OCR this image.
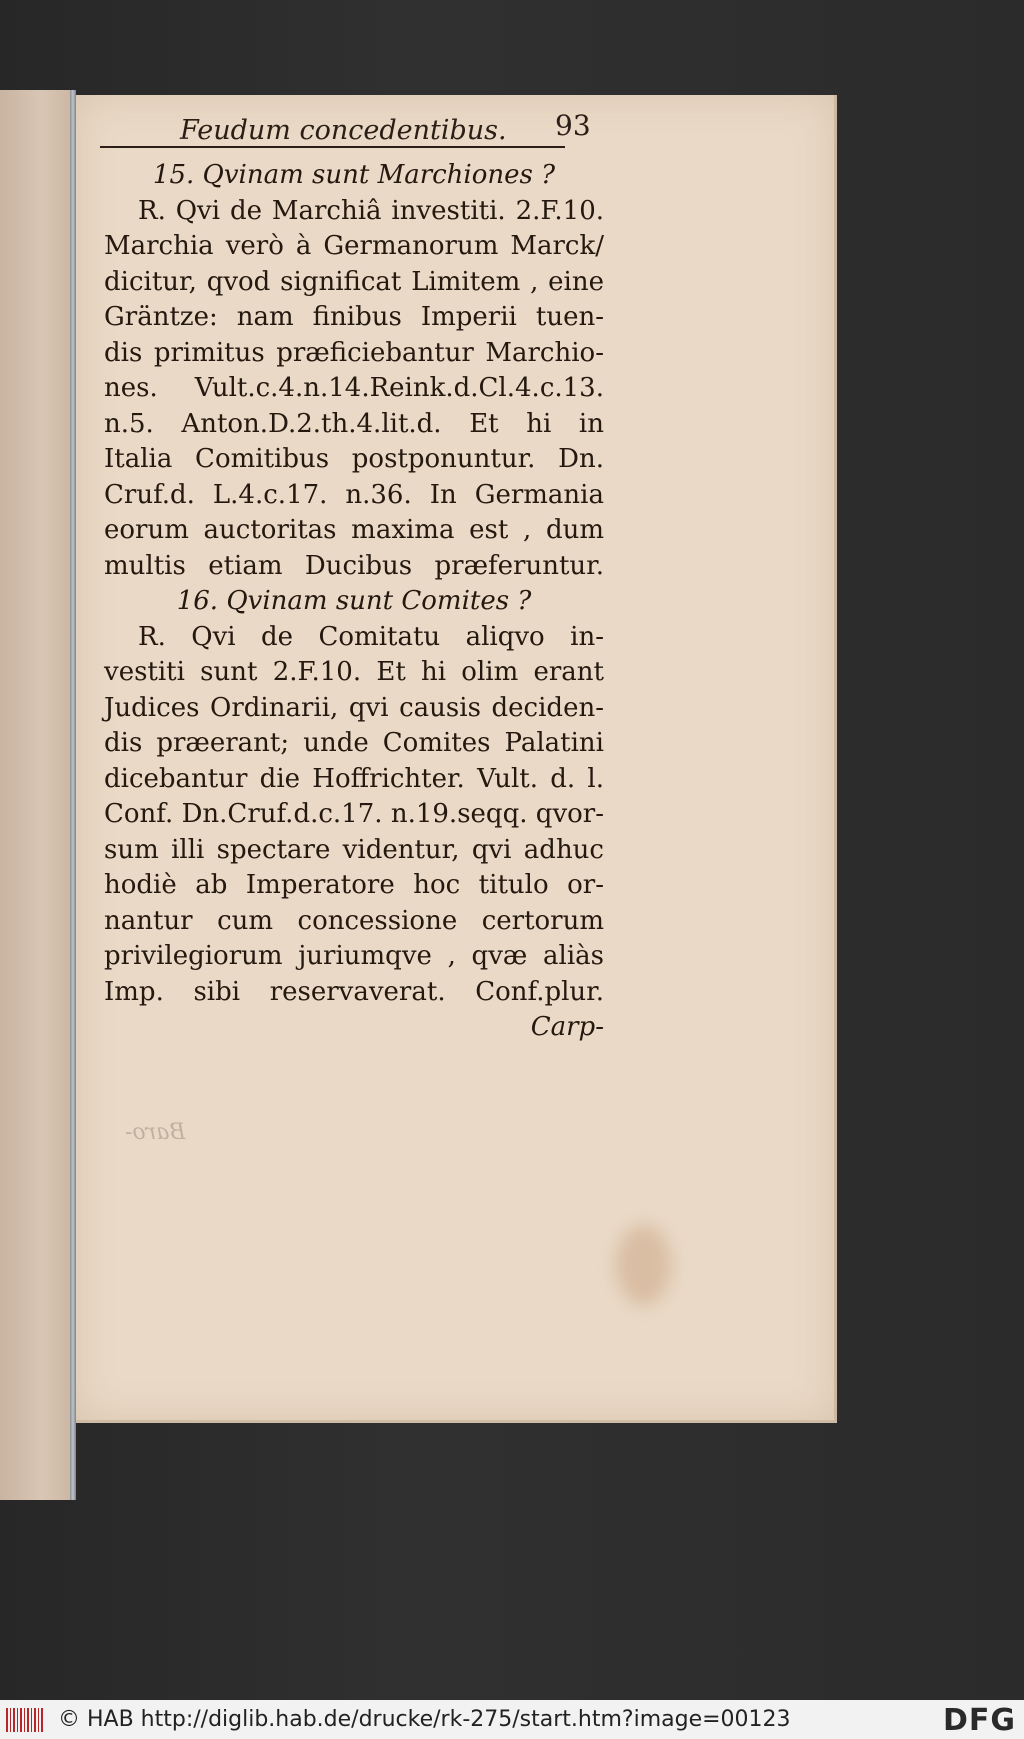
Feudum concedentibus. 93
15. Qvinam sunt Marchiones ?
R. Qvi de Marchiâ investiti. 2.F.10.
Marchia verò à Germanorum Marck/
dicitur, qvod significat Limitem , eine
Gräntze: nam finibus Imperii tuen-
dis primitus præficiebantur Marchio-
nes. Vult.c.4.n.14.Reink.d.Cl.4.c.13.
n.5. Anton.D.2.th.4.lit.d. Et hi in
Italia Comitibus postponuntur. Dn.
Cruf.d. L.4.c.17. n.36. In Germania
eorum auctoritas maxima est , dum
multis etiam Ducibus præferuntur.
16. Qvinam sunt Comites ?
R. Qvi de Comitatu aliqvo in-
vestiti sunt 2.F.10. Et hi olim erant
Judices Ordinarii, qvi causis deciden-
dis præerant; unde Comites Palatini
dicebantur die Hoffrichter. Vult. d. l.
Conf. Dn.Cruf.d.c.17. n.19.seqq. qvor-
sum illi spectare videntur, qvi adhuc
hodiè ab Imperatore hoc titulo or-
nantur cum concessione certorum
privilegiorum juriumqve , qvæ aliàs
Imp. sibi reservaverat. Conf.plur.
Carp-
Baro-
© HAB http://diglib.hab.de/drucke/rk-275/start.htm?image=00123	DFG
